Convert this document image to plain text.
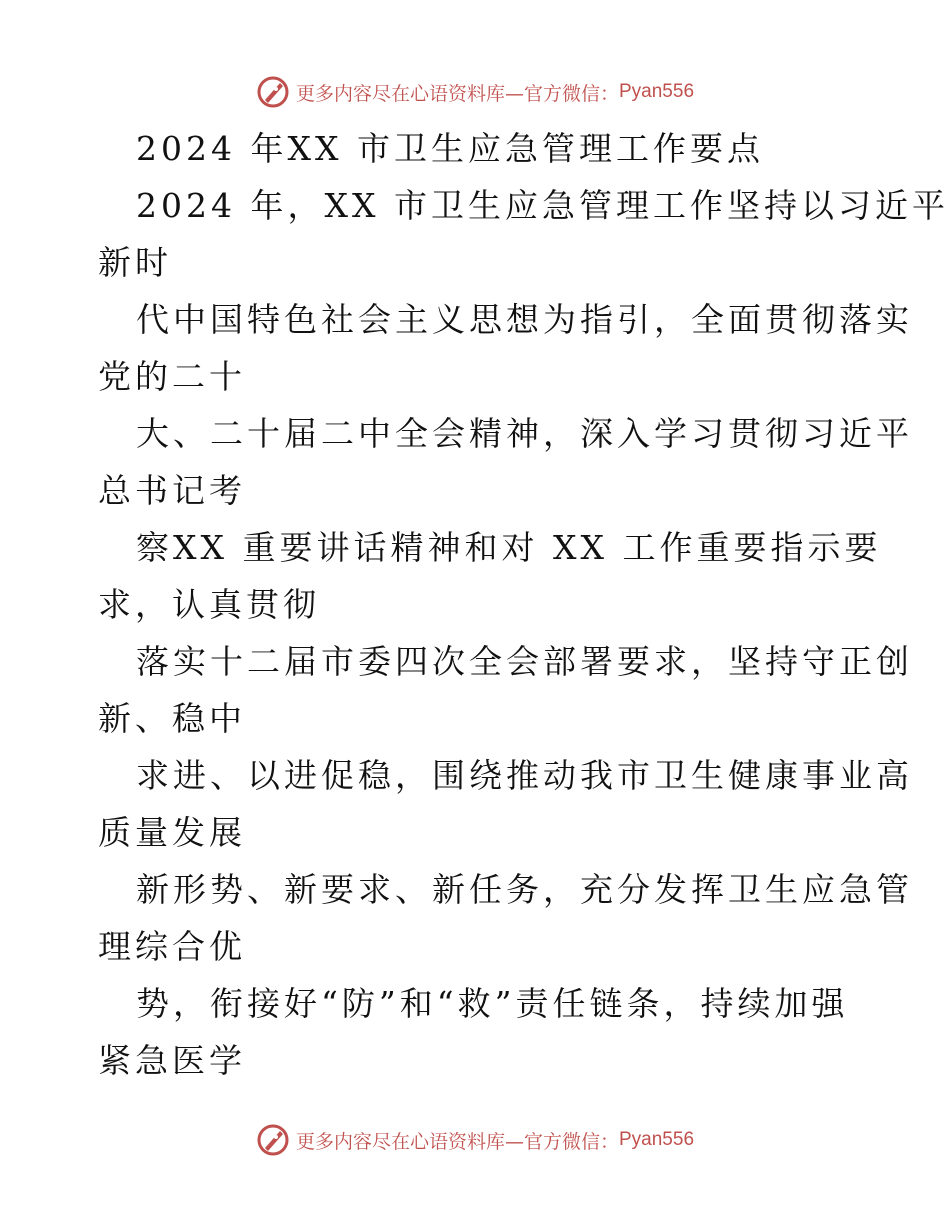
更多内容尽在心语资料库—官方微信： Pyan556
2024 年XX 市卫生应急管理工作要点
2024 年，XX 市卫生应急管理工作坚持以习近平
新时
代中国特色社会主义思想为指引，全面贯彻落实
党的二十
大、二十届二中全会精神，深入学习贯彻习近平
总书记考
察XX 重要讲话精神和对 XX 工作重要指示要
求，认真贯彻
落实十二届市委四次全会部署要求，坚持守正创
新、稳中
求进、以进促稳，围绕推动我市卫生健康事业高
质量发展
新形势、新要求、新任务，充分发挥卫生应急管
理综合优
势，衔接好“防”和“救”责任链条，持续加强
紧急医学
更多内容尽在心语资料库—官方微信： Pyan556
